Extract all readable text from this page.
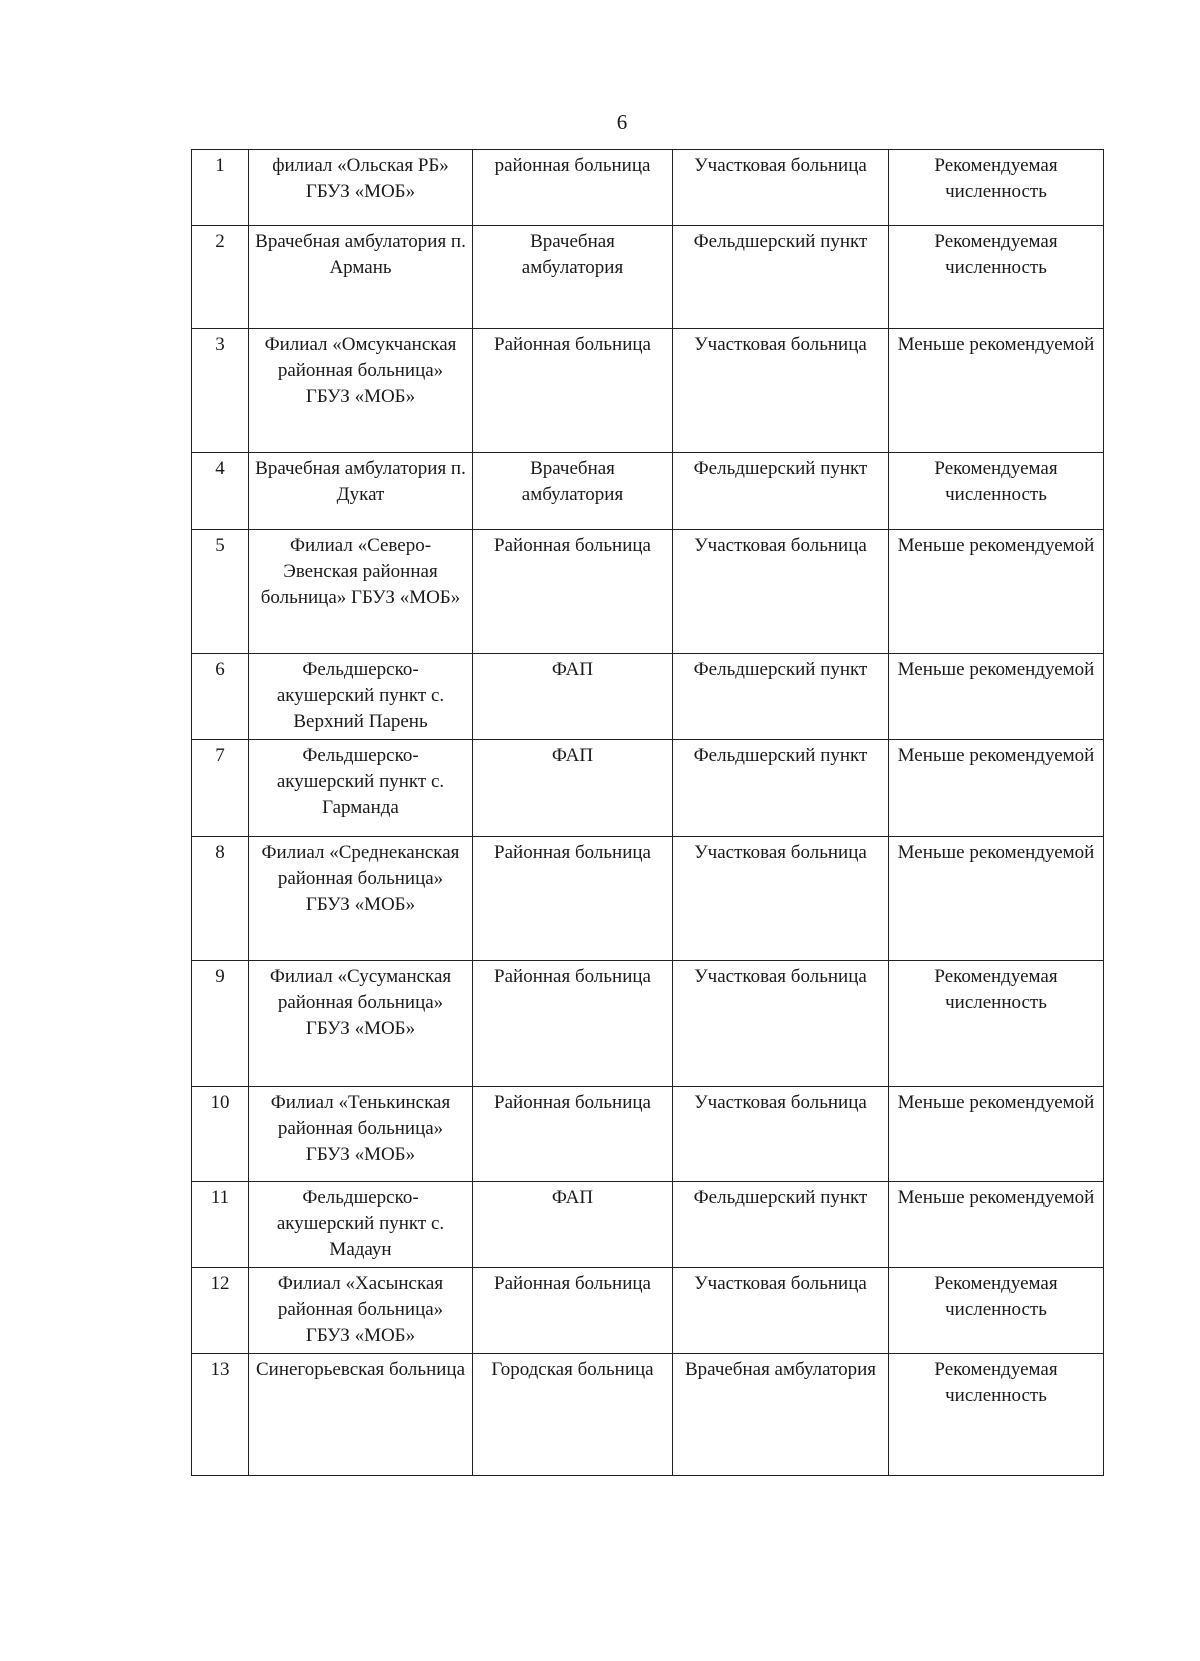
6
1	филиал «Ольская РБ» ГБУЗ «МОБ»	районная больница	Участковая больница	Рекомендуемая численность
2	Врачебная амбулатория п. Армань	Врачебная амбулатория	Фельдшерский пункт	Рекомендуемая численность
3	Филиал «Омсукчанская районная больница» ГБУЗ «МОБ»	Районная больница	Участковая больница	Меньше рекомендуемой
4	Врачебная амбулатория п. Дукат	Врачебная амбулатория	Фельдшерский пункт	Рекомендуемая численность
5	Филиал «Северо-Эвенская районная больница» ГБУЗ «МОБ»	Районная больница	Участковая больница	Меньше рекомендуемой
6	Фельдшерско-акушерский пункт с. Верхний Парень	ФАП	Фельдшерский пункт	Меньше рекомендуемой
7	Фельдшерско-акушерский пункт с. Гарманда	ФАП	Фельдшерский пункт	Меньше рекомендуемой
8	Филиал «Среднеканская районная больница» ГБУЗ «МОБ»	Районная больница	Участковая больница	Меньше рекомендуемой
9	Филиал «Сусуманская районная больница» ГБУЗ «МОБ»	Районная больница	Участковая больница	Рекомендуемая численность
10	Филиал «Тенькинская районная больница» ГБУЗ «МОБ»	Районная больница	Участковая больница	Меньше рекомендуемой
11	Фельдшерско-акушерский пункт с. Мадаун	ФАП	Фельдшерский пункт	Меньше рекомендуемой
12	Филиал «Хасынская районная больница» ГБУЗ «МОБ»	Районная больница	Участковая больница	Рекомендуемая численность
13	Синегорьевская больница	Городская больница	Врачебная амбулатория	Рекомендуемая численность
